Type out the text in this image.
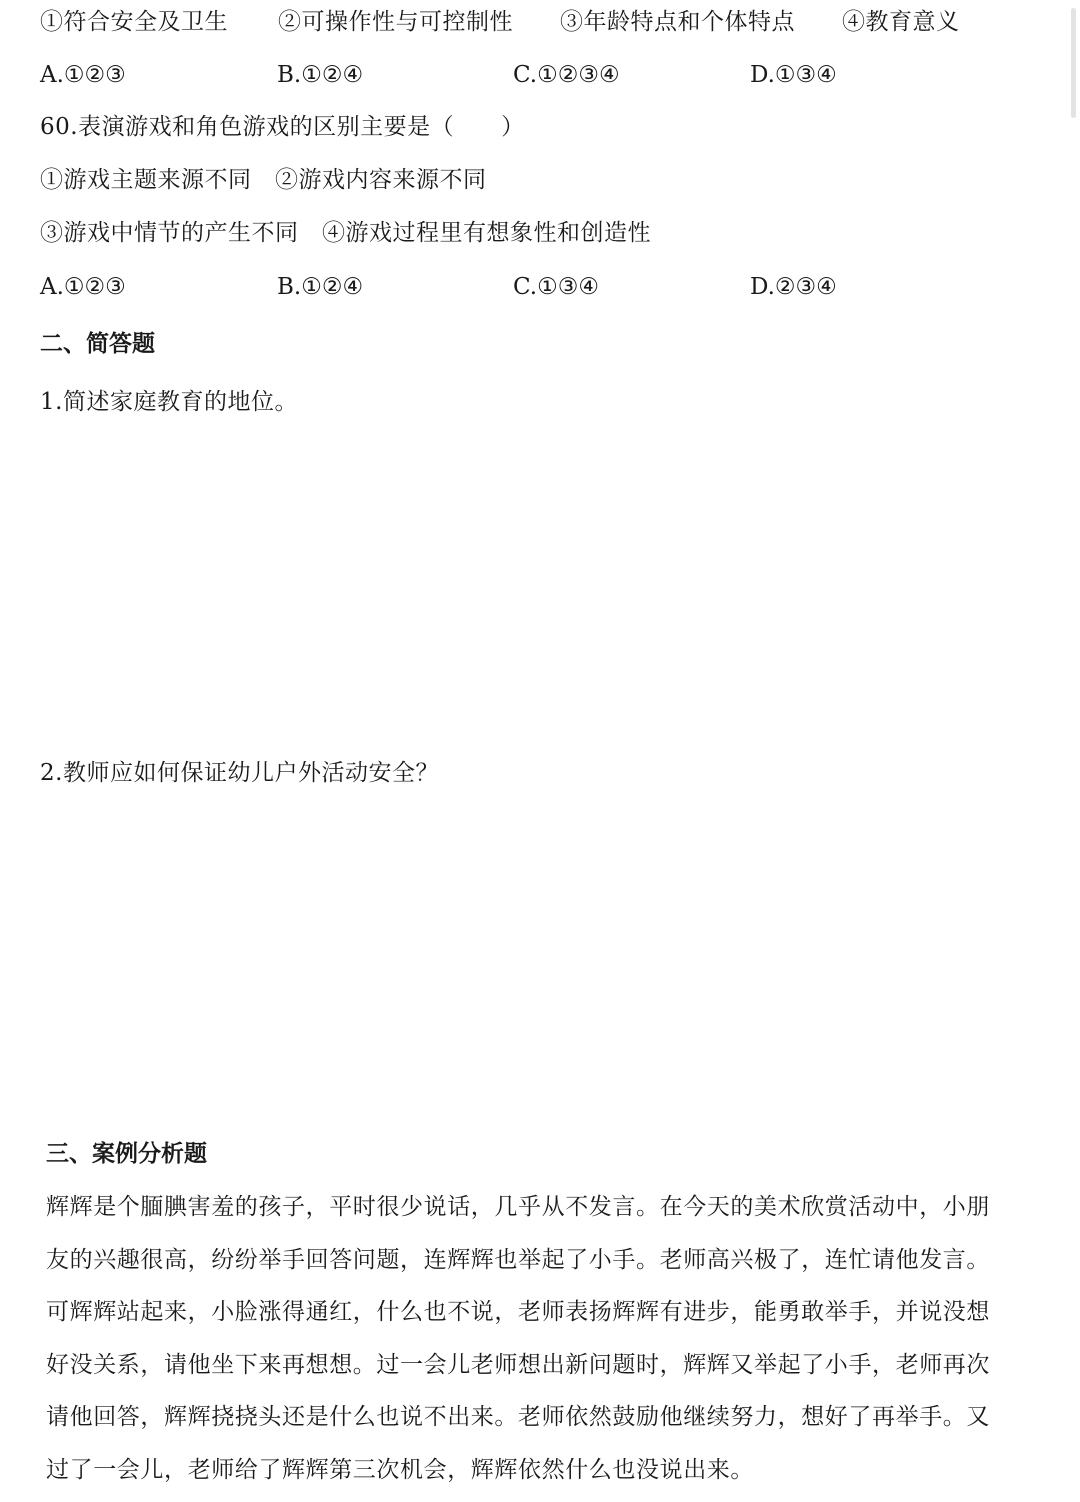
①符合安全及卫生 ②可操作性与可控制性 ③年龄特点和个体特点 ④教育意义
A.①②③	B.①②④	C.①②③④	D.①③④
60.表演游戏和角色游戏的区别主要是（　　）
①游戏主题来源不同　②游戏内容来源不同
③游戏中情节的产生不同　④游戏过程里有想象性和创造性
A.①②③	B.①②④	C.①③④	D.②③④
二、简答题
1.简述家庭教育的地位。
2.教师应如何保证幼儿户外活动安全？
三、案例分析题
辉辉是个腼腆害羞的孩子，平时很少说话，几乎从不发言。在今天的美术欣赏活动中，小朋
友的兴趣很高，纷纷举手回答问题，连辉辉也举起了小手。老师高兴极了，连忙请他发言。
可辉辉站起来，小脸涨得通红，什么也不说，老师表扬辉辉有进步，能勇敢举手，并说没想
好没关系，请他坐下来再想想。过一会儿老师想出新问题时，辉辉又举起了小手，老师再次
请他回答，辉辉挠挠头还是什么也说不出来。老师依然鼓励他继续努力，想好了再举手。又
过了一会儿，老师给了辉辉第三次机会，辉辉依然什么也没说出来。
